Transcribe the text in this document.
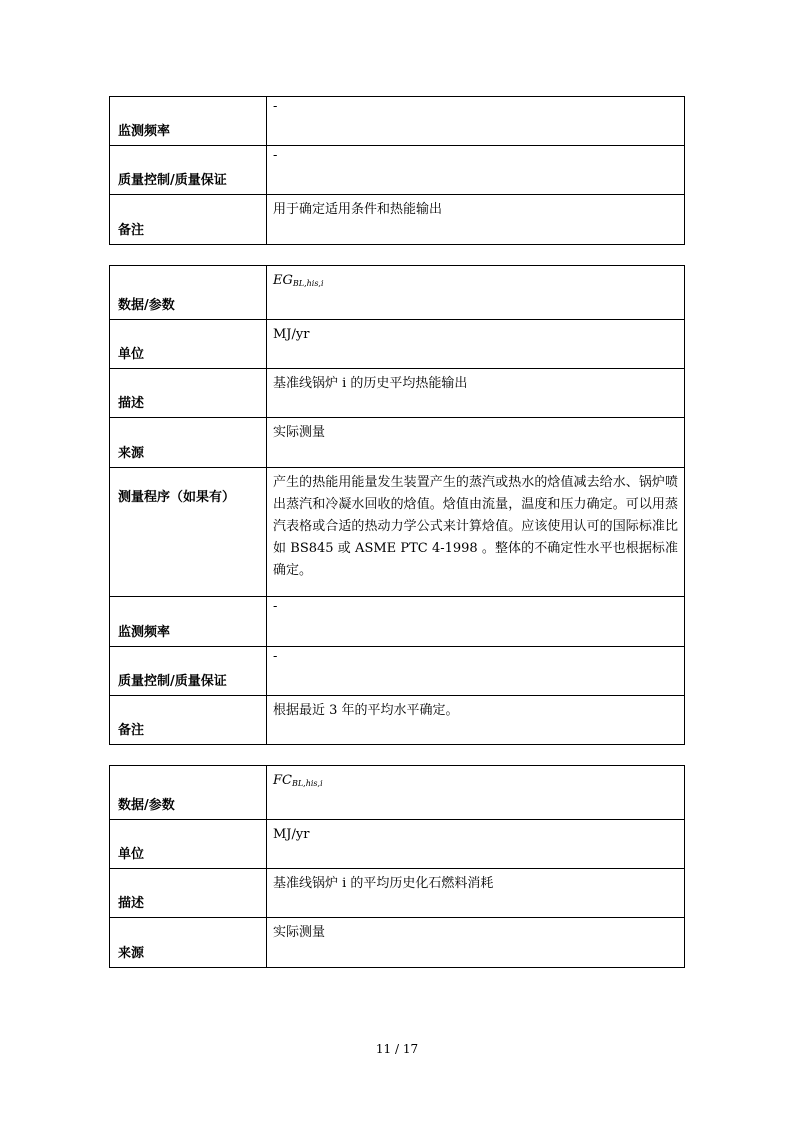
监测频率	-
质量控制/质量保证	-
备注	用于确定适用条件和热能输出
数据/参数	$EG_{BL,his,i}$
单位	MJ/yr
描述	基准线锅炉 i 的历史平均热能输出
来源	实际测量
测量程序（如果有）	产生的热能用能量发生装置产生的蒸汽或热水的焓值减去给水、锅炉喷出蒸汽和冷凝水回收的焓值。焓值由流量，温度和压力确定。可以用蒸汽表格或合适的热动力学公式来计算焓值。应该使用认可的国际标准比如 BS845 或 ASME PTC 4-1998 。整体的不确定性水平也根据标准确定。
监测频率	-
质量控制/质量保证	-
备注	根据最近 3 年的平均水平确定。
数据/参数	$FC_{BL,his,i}$
单位	MJ/yr
描述	基准线锅炉 i 的平均历史化石燃料消耗
来源	实际测量
11 / 17
